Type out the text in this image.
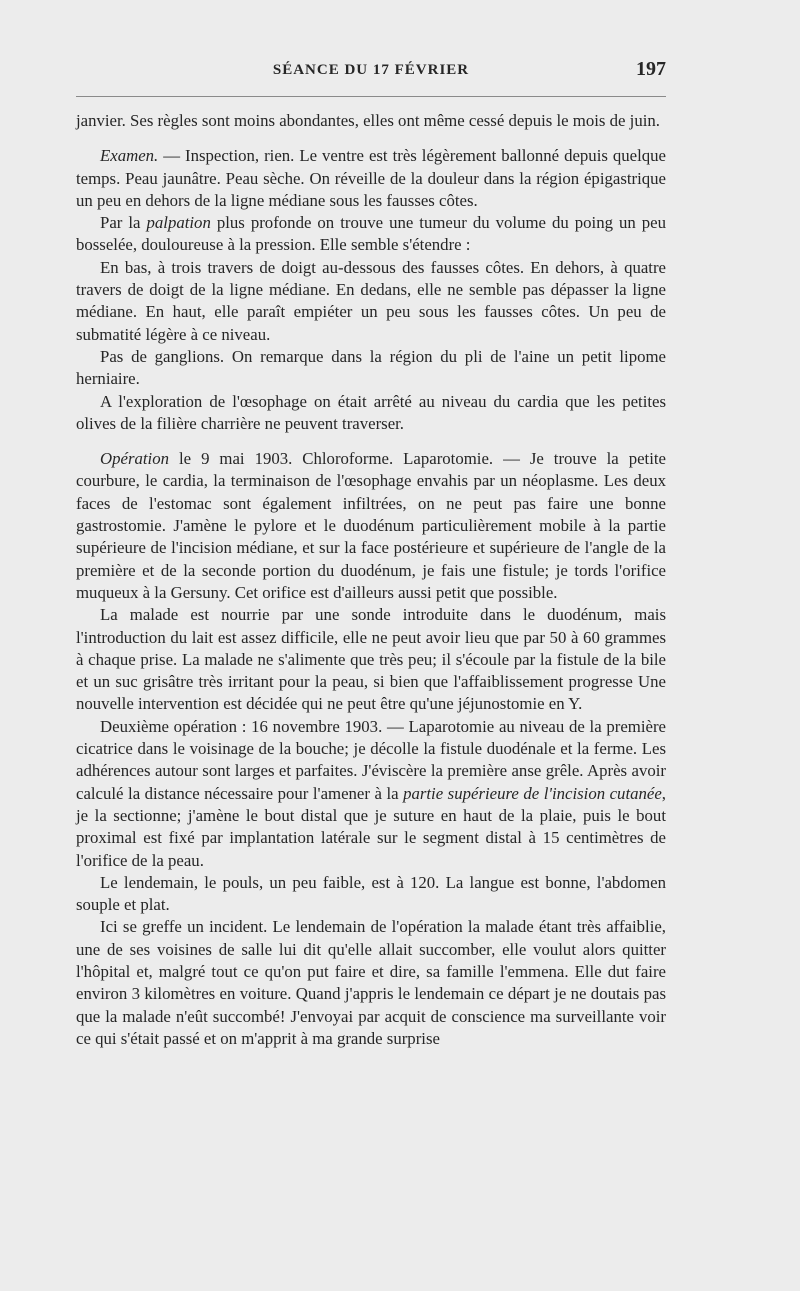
SÉANCE DU 17 FÉVRIER	197

janvier. Ses règles sont moins abondantes, elles ont même cessé depuis le mois de juin.

Examen. — Inspection, rien. Le ventre est très légèrement ballonné depuis quelque temps. Peau jaunâtre. Peau sèche. On réveille de la douleur dans la région épigastrique un peu en dehors de la ligne médiane sous les fausses côtes.

Par la palpation plus profonde on trouve une tumeur du volume du poing un peu bosselée, douloureuse à la pression. Elle semble s'étendre :

En bas, à trois travers de doigt au-dessous des fausses côtes. En dehors, à quatre travers de doigt de la ligne médiane. En dedans, elle ne semble pas dépasser la ligne médiane. En haut, elle paraît empiéter un peu sous les fausses côtes. Un peu de submatité légère à ce niveau.

Pas de ganglions. On remarque dans la région du pli de l'aine un petit lipome herniaire.

A l'exploration de l'œsophage on était arrêté au niveau du cardia que les petites olives de la filière charrière ne peuvent traverser.

Opération le 9 mai 1903. Chloroforme. Laparotomie. — Je trouve la petite courbure, le cardia, la terminaison de l'œsophage envahis par un néoplasme. Les deux faces de l'estomac sont également infiltrées, on ne peut pas faire une bonne gastrostomie. J'amène le pylore et le duodénum particulièrement mobile à la partie supérieure de l'incision médiane, et sur la face postérieure et supérieure de l'angle de la première et de la seconde portion du duodénum, je fais une fistule; je tords l'orifice muqueux à la Gersuny. Cet orifice est d'ailleurs aussi petit que possible.

La malade est nourrie par une sonde introduite dans le duodénum, mais l'introduction du lait est assez difficile, elle ne peut avoir lieu que par 50 à 60 grammes à chaque prise. La malade ne s'alimente que très peu; il s'écoule par la fistule de la bile et un suc grisâtre très irritant pour la peau, si bien que l'affaiblissement progresse Une nouvelle intervention est décidée qui ne peut être qu'une jéjunostomie en Y.

Deuxième opération : 16 novembre 1903. — Laparotomie au niveau de la première cicatrice dans le voisinage de la bouche; je décolle la fistule duodénale et la ferme. Les adhérences autour sont larges et parfaites. J'éviscère la première anse grêle. Après avoir calculé la distance nécessaire pour l'amener à la partie supérieure de l'incision cutanée, je la sectionne; j'amène le bout distal que je suture en haut de la plaie, puis le bout proximal est fixé par implantation latérale sur le segment distal à 15 centimètres de l'orifice de la peau.

Le lendemain, le pouls, un peu faible, est à 120. La langue est bonne, l'abdomen souple et plat.

Ici se greffe un incident. Le lendemain de l'opération la malade étant très affaiblie, une de ses voisines de salle lui dit qu'elle allait succomber, elle voulut alors quitter l'hôpital et, malgré tout ce qu'on put faire et dire, sa famille l'emmena. Elle dut faire environ 3 kilomètres en voiture. Quand j'appris le lendemain ce départ je ne doutais pas que la malade n'eût succombé! J'envoyai par acquit de conscience ma surveillante voir ce qui s'était passé et on m'apprit à ma grande surprise
